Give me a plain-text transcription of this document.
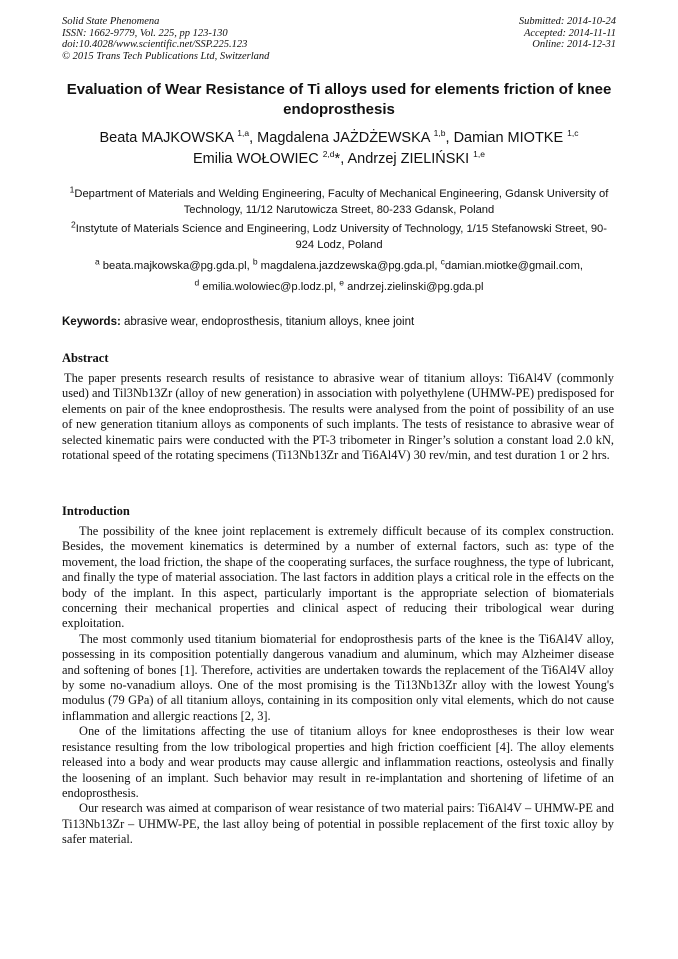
Solid State Phenomena
ISSN: 1662-9779, Vol. 225, pp 123-130
doi:10.4028/www.scientific.net/SSP.225.123
© 2015 Trans Tech Publications Ltd, Switzerland
Submitted: 2014-10-24
Accepted: 2014-11-11
Online: 2014-12-31
Evaluation of Wear Resistance of Ti alloys used for elements friction of knee endoprosthesis
Beata MAJKOWSKA $^{1,a}$, Magdalena JAŻDŻEWSKA $^{1,b}$, Damian MIOTKE $^{1,c}$
Emilia WOŁOWIEC $^{2,d}$*, Andrzej ZIELIŃSKI $^{1,e}$
$^1$Department of Materials and Welding Engineering, Faculty of Mechanical Engineering, Gdansk University of Technology, 11/12 Narutowicza Street, 80-233 Gdansk, Poland
$^2$Instytute of Materials Science and Engineering, Lodz University of Technology, 1/15 Stefanowski Street, 90-924 Lodz, Poland
$^a$ beata.majkowska@pg.gda.pl, $^b$ magdalena.jazdzewska@pg.gda.pl, $^c$damian.miotke@gmail.com,
$^d$ emilia.wolowiec@p.lodz.pl, $^e$ andrzej.zielinski@pg.gda.pl
Keywords: abrasive wear, endoprosthesis, titanium alloys, knee joint
Abstract

The paper presents research results of resistance to abrasive wear of titanium alloys: Ti6Al4V (commonly used) and Til3Nb13Zr (alloy of new generation) in association with polyethylene (UHMW-PE) predisposed for elements on pair of the knee endoprosthesis. The results were analysed from the point of possibility of an use of new generation titanium alloys as components of such implants. The tests of resistance to abrasive wear of selected kinematic pairs were conducted with the PT-3 tribometer in Ringer’s solution a constant load 2.0 kN, rotational speed of the rotating specimens (Ti13Nb13Zr and Ti6Al4V) 30 rev/min, and test duration 1 or 2 hrs.

Introduction

The possibility of the knee joint replacement is extremely difficult because of its complex construction. Besides, the movement kinematics is determined by a number of external factors, such as: type of the movement, the load friction, the shape of the cooperating surfaces, the surface roughness, the type of lubricant, and finally the type of material association. The last factors in addition plays a critical role in the effects on the body of the implant. In this aspect, particularly important is the appropriate selection of biomaterials concerning their mechanical properties and clinical aspect of reducing their tribological wear during exploitation.

The most commonly used titanium biomaterial for endoprosthesis parts of the knee is the Ti6Al4V alloy, possessing in its composition potentially dangerous vanadium and aluminum, which may Alzheimer disease and softening of bones [1]. Therefore, activities are undertaken towards the replacement of the Ti6Al4V alloy by some no-vanadium alloys. One of the most promising is the Ti13Nb13Zr alloy with the lowest Young's modulus (79 GPa) of all titanium alloys, containing in its composition only vital elements, which do not cause inflammation and allergic reactions [2, 3].

One of the limitations affecting the use of titanium alloys for knee endoprostheses is their low wear resistance resulting from the low tribological properties and high friction coefficient [4]. The alloy elements released into a body and wear products may cause allergic and inflammation reactions, osteolysis and finally the loosening of an implant. Such behavior may result in re-implantation and shortening of lifetime of an endoprosthesis.

Our research was aimed at comparison of wear resistance of two material pairs: Ti6Al4V – UHMW-PE and Ti13Nb13Zr – UHMW-PE, the last alloy being of potential in possible replacement of the first toxic alloy by safer material.
